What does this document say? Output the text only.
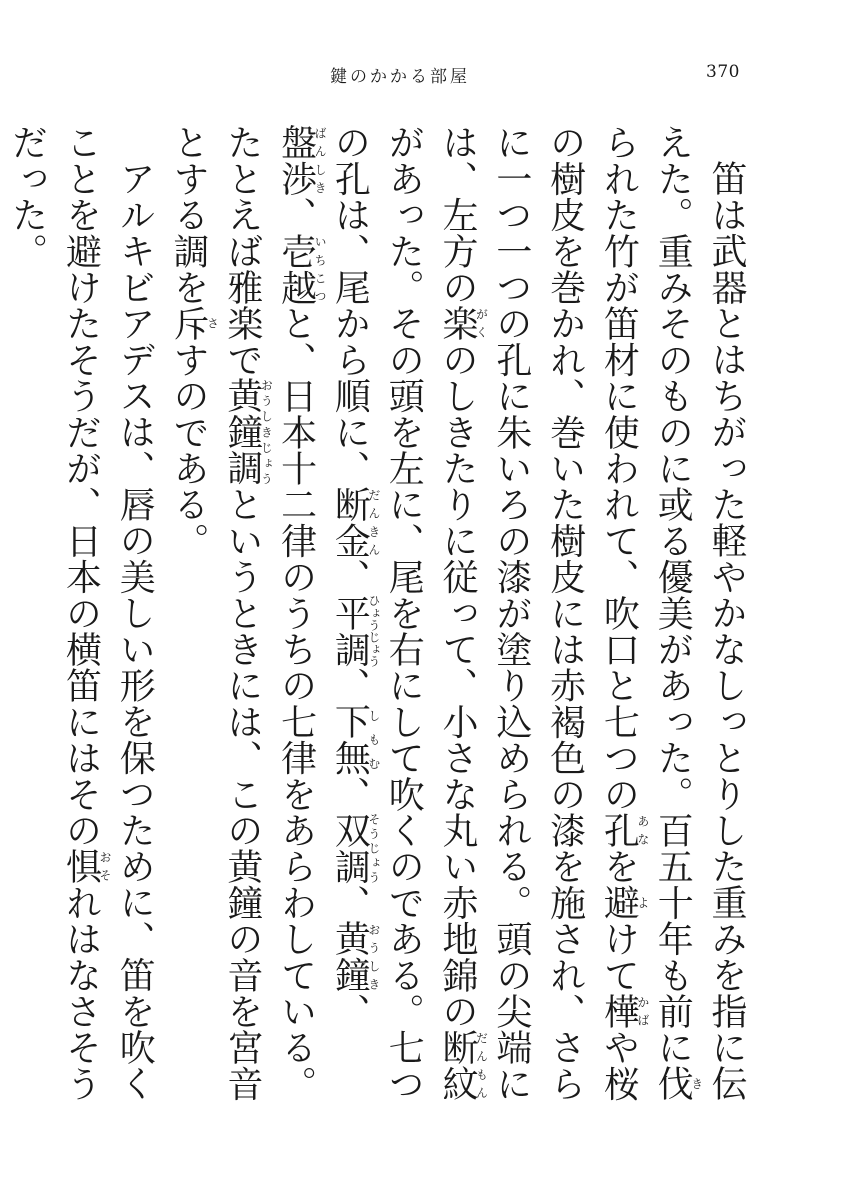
鍵のかかる部屋	370

笛は武器とはちがった軽やかなしっとりした重みを指に伝えた。重みそのものに或る優美があった。百五十年も前に伐きられた竹が笛材に使われて、吹口と七つの孔あなを避よけて樺かばや桜の樹皮を巻かれ、巻いた樹皮には赤褐色の漆を施され、さらに一つ一つの孔に朱いろの漆が塗り込められる。頭の尖端には、左方の楽がくのしきたりに従って、小さな丸い赤地錦の断紋だんもんがあった。その頭を左に、尾を右にして吹くのである。七つの孔は、尾から順に、断金だんきん、平調ひょうじょう、下無しもむ、双調そうじょう、黄鐘おうしき、盤渉ばんしき、壱越いちこつと、日本十二律のうちの七律をあらわしている。たとえば雅楽で黄鐘調おうしきじょうというときには、この黄鐘の音を宮音とする調を斥さすのである。

アルキビアデスは、唇の美しい形を保つために、笛を吹くことを避けたそうだが、日本の横笛にはその惧おそれはなさそうだった。
